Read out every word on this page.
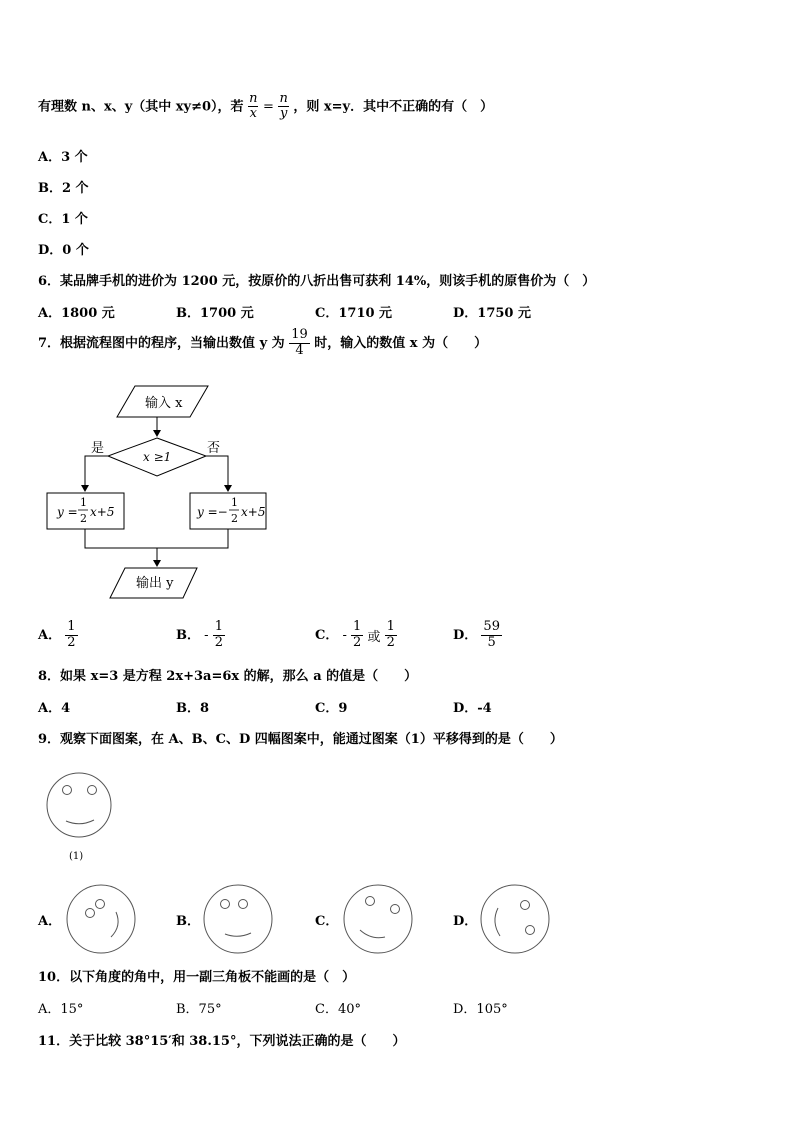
有理数 n、x、y（其中 xy≠0），若 $\frac{n}{x} = \frac{n}{y}$ ，则 x=y．其中不正确的有（　）
A．3 个
B．2 个
C．1 个
D．0 个
6．某品牌手机的进价为 1200 元，按原价的八折出售可获利 14%，则该手机的原售价为（　）
A．1800 元	B．1700 元	C．1710 元	D．1750 元
7．根据流程图中的程序，当输出数值 y 为 $\frac{19}{4}$ 时，输入的数值 x 为（　　）
输入 x
x ≥1
是	否
y =
1
2 x+5	y =−
1
2 x+5
输出 y
A． $\frac{1}{2}$	B． - $\frac{1}{2}$	C． - $\frac{1}{2}$ 或 $\frac{1}{2}$	D． $\frac{59}{5}$
8．如果 x=3 是方程 2x+3a=6x 的解，那么 a 的值是（　　）
A．4	B．8	C．9	D．-4
9．观察下面图案，在 A、B、C、D 四幅图案中，能通过图案（1）平移得到的是（　　）
(1)
A．	B．	C．	D．
10．以下角度的角中，用一副三角板不能画的是（　）
A．15°	B．75°	C．40°	D．105°
11．关于比较 38°15′和 38.15°，下列说法正确的是（　　）
